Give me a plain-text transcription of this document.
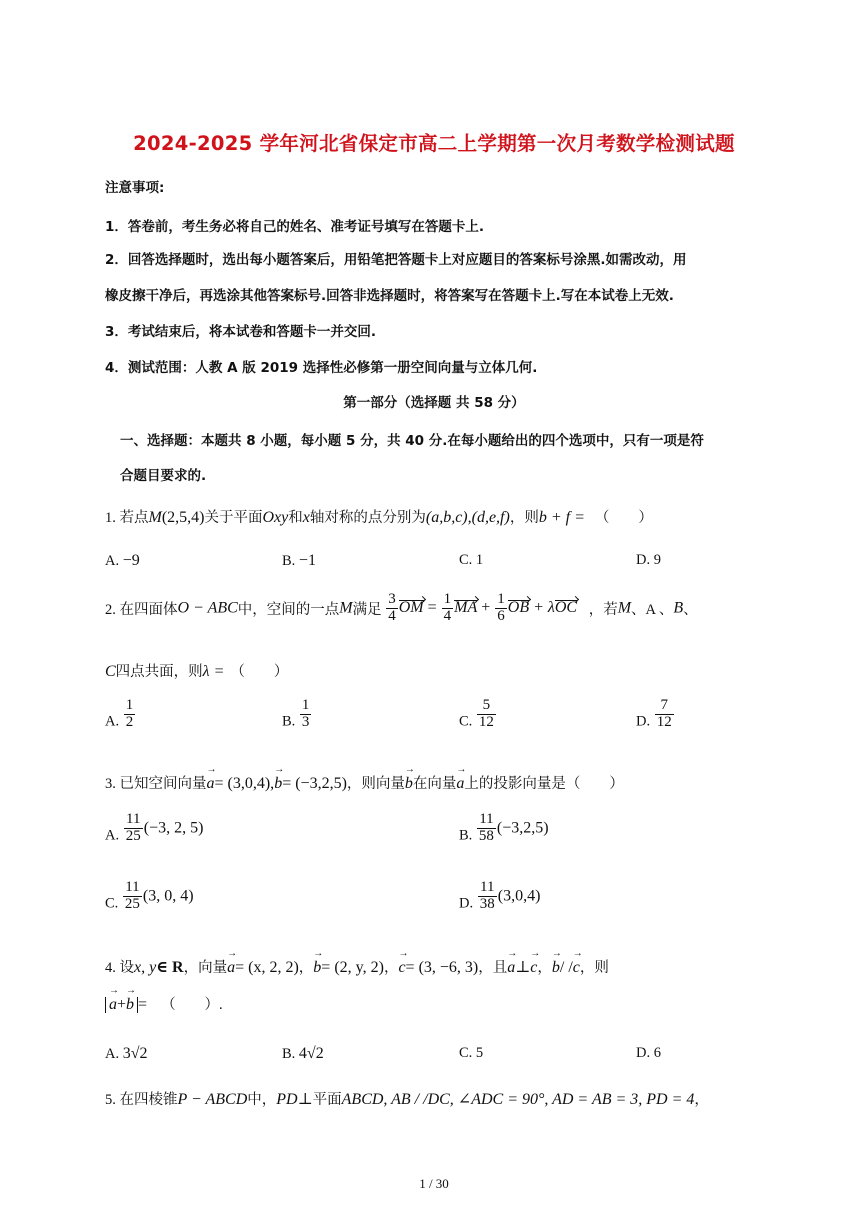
2024-2025 学年河北省保定市高二上学期第一次月考数学检测试题
注意事项:
1．答卷前，考生务必将自己的姓名、准考证号填写在答题卡上.
2．回答选择题时，选出每小题答案后，用铅笔把答题卡上对应题目的答案标号涂黑.如需改动，用
橡皮擦干净后，再选涂其他答案标号.回答非选择题时，将答案写在答题卡上.写在本试卷上无效.
3．考试结束后，将本试卷和答题卡一并交回.
4．测试范围：人教 A 版 2019 选择性必修第一册空间向量与立体几何.
第一部分（选择题 共 58 分）
一、选择题：本题共 8 小题，每小题 5 分，共 40 分.在每小题给出的四个选项中，只有一项是符
合题目要求的.
1. 若点M(2,5,4)关于平面Oxy和x轴对称的点分别为(a,b,c),(d,e,f)，则b + f = （　　）
A. −9	B. −1	C. 1	D. 9
2. 在四面体O − ABC中，空间的一点M满足 $\frac{3}{4}$ OM = $\frac{1}{4}$ MA + $\frac{1}{6}$ OB + λOC ，若M、A 、B、
C四点共面，则λ = （　　）
A. $\frac{1}{2}$	B. $\frac{1}{3}$	C. $\frac{5}{12}$	D. $\frac{7}{12}$
3. 已知空间向量→ a= (3,0,4),→ b= (−3,2,5)，则向量→ b在向量→ a上的投影向量是（　　）
A. $\frac{11}{25} (-3$, 2, 5)	B. $\frac{11}{58} (-3,2,5)$
C. $\frac{11}{25} (3$, 0, 4)	D. $\frac{11}{38} (3,0,4)$
4. 设x, y∈ R，向量→ a= (x, 2, 2)，→ b= (2, y, 2)，→ c= (3, −6, 3)，且→ a⊥→ c，→ b/ /→ c，则
→ a+→ b = （　　）.
A. 3√2	B. 4√2	C. 5	D. 6
5. 在四棱锥P − ABCD中，PD⊥平面ABCD, AB / /DC, ∠ADC = 90°, AD = AB = 3, PD = 4，
1 / 30
